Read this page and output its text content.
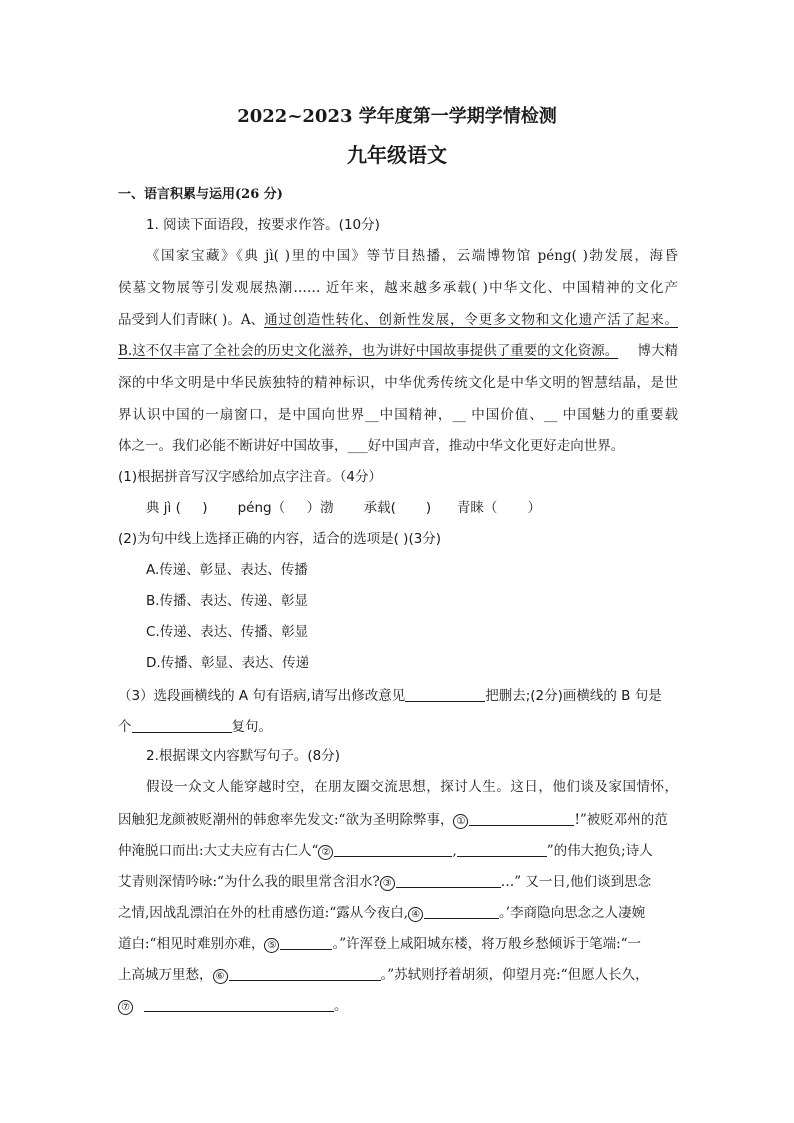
2022~2023 学年度第一学期学情检测
九年级语文
一、语言积累与运用(26 分)
1. 阅读下面语段，按要求作答。(10分)
《国家宝藏》《典 jì( )里的中国》等节目热播，云端博物馆 péng( )勃发展，海昏
侯墓文物展等引发观展热潮…… 近年来，越来越多承载( )中华文化、中国精神的文化产
品受到人们青睐( )。A、 通过创造性转化、创新性发展，令更多文物和文化遗产活了起来。
B.这不仅丰富了全社会的历史文化滋养，也为讲好中国故事提供了重要的文化资源。	博大精
深的中华文明是中华民族独特的精神标识，中华优秀传统文化是中华文明的智慧结晶，是世
界认识中国的一扇窗口，是中国向世界__中国精神，__ 中国价值、__ 中国魅力的重要载
体之一。我们必能不断讲好中国故事，___好中国声音，推动中华文化更好走向世界。
(1)根据拼音写汉字感给加点字注音。（4分）
典 jì (     )       péng（     ）渤       承载(       )      青睐（       ）
(2)为句中线上选择正确的内容，适合的选项是( )(3分)
A.传递、彰显、表达、传播
B.传播、表达、传递、彰显
C.传递、表达、传播、彰显
D.传播、彰显、表达、传递
（3）选段画横线的 A 句有语病,请写出修改意见	把删去;(2分)画横线的 B 句是
个	复句。
2.根据课文内容默写句子。(8分)
假设一众文人能穿越时空，在朋友圈交流思想，探讨人生。这日，他们谈及家国情怀，
因触犯龙颜被贬潮州的韩愈率先发文:“欲为圣明除弊事， ①	!”被贬邓州的范
仲淹脱口而出:大丈夫应有古仁人“ ②	,	”的伟大抱负;诗人
艾青则深情吟咏:“为什么我的眼里常含泪水? ③	…” 又一日,他们谈到思念
之情,因战乱漂泊在外的杜甫感伤道:“露从今夜白, ④	。’李商隐向思念之人凄婉
道白:“相见时难别亦难， ⑤	。”许浑登上咸阳城东楼，将万般乡愁倾诉于笔端:“一
上高城万里愁， ⑥	。”苏轼则抒着胡须，仰望月亮:“但愿人长久，
⑦	。
